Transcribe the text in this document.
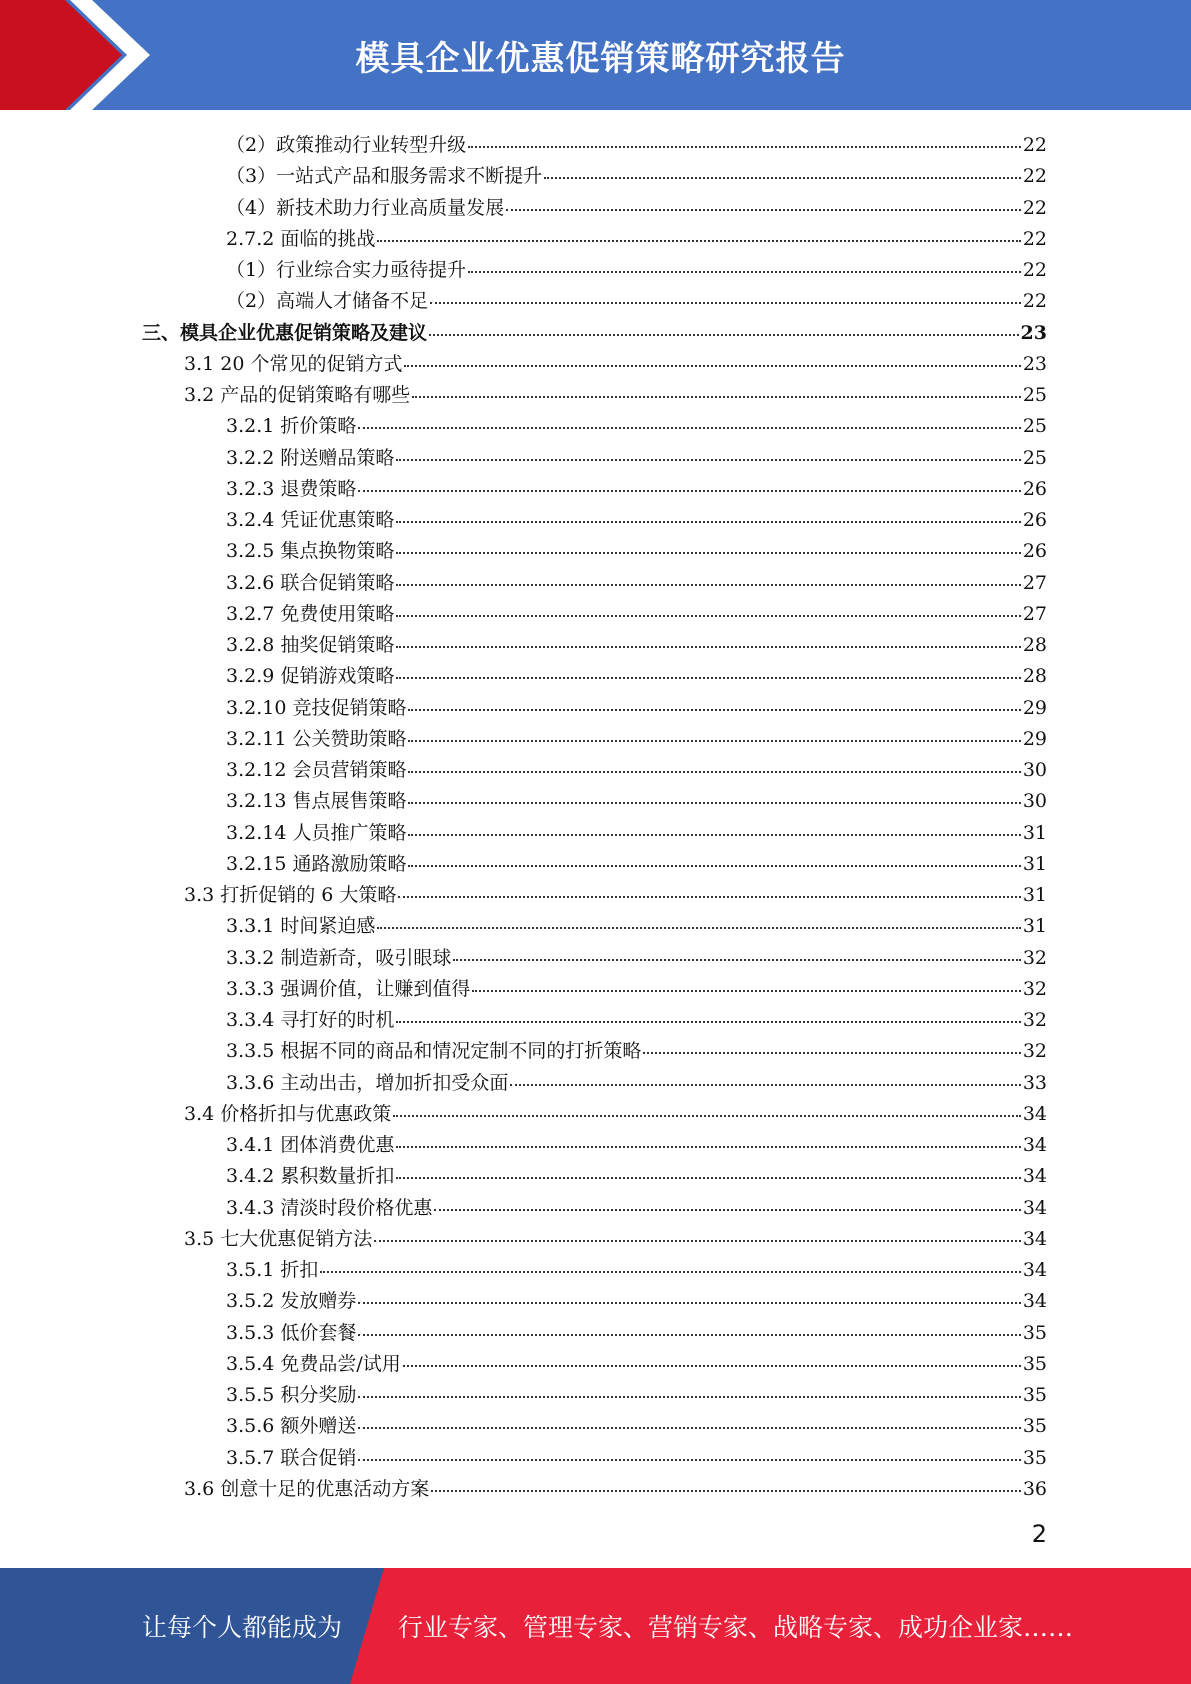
模具企业优惠促销策略研究报告
（2）政策推动行业转型升级	22
（3）一站式产品和服务需求不断提升	22
（4）新技术助力行业高质量发展	22
2.7.2 面临的挑战	22
（1）行业综合实力亟待提升	22
（2）高端人才储备不足	22
三、模具企业优惠促销策略及建议	23
3.1 20 个常见的促销方式	23
3.2 产品的促销策略有哪些	25
3.2.1 折价策略	25
3.2.2 附送赠品策略	25
3.2.3 退费策略	26
3.2.4 凭证优惠策略	26
3.2.5 集点换物策略	26
3.2.6 联合促销策略	27
3.2.7 免费使用策略	27
3.2.8 抽奖促销策略	28
3.2.9 促销游戏策略	28
3.2.10 竞技促销策略	29
3.2.11 公关赞助策略	29
3.2.12 会员营销策略	30
3.2.13 售点展售策略	30
3.2.14 人员推广策略	31
3.2.15 通路激励策略	31
3.3 打折促销的 6 大策略	31
3.3.1 时间紧迫感	31
3.3.2 制造新奇，吸引眼球	32
3.3.3 强调价值，让赚到值得	32
3.3.4 寻打好的时机	32
3.3.5 根据不同的商品和情况定制不同的打折策略	32
3.3.6 主动出击，增加折扣受众面	33
3.4 价格折扣与优惠政策	34
3.4.1 团体消费优惠	34
3.4.2 累积数量折扣	34
3.4.3 清淡时段价格优惠	34
3.5 七大优惠促销方法	34
3.5.1 折扣	34
3.5.2 发放赠券	34
3.5.3 低价套餐	35
3.5.4 免费品尝/试用	35
3.5.5 积分奖励	35
3.5.6 额外赠送	35
3.5.7 联合促销	35
3.6 创意十足的优惠活动方案	36
2
让每个人都能成为 行业专家、管理专家、营销专家、战略专家、成功企业家……
